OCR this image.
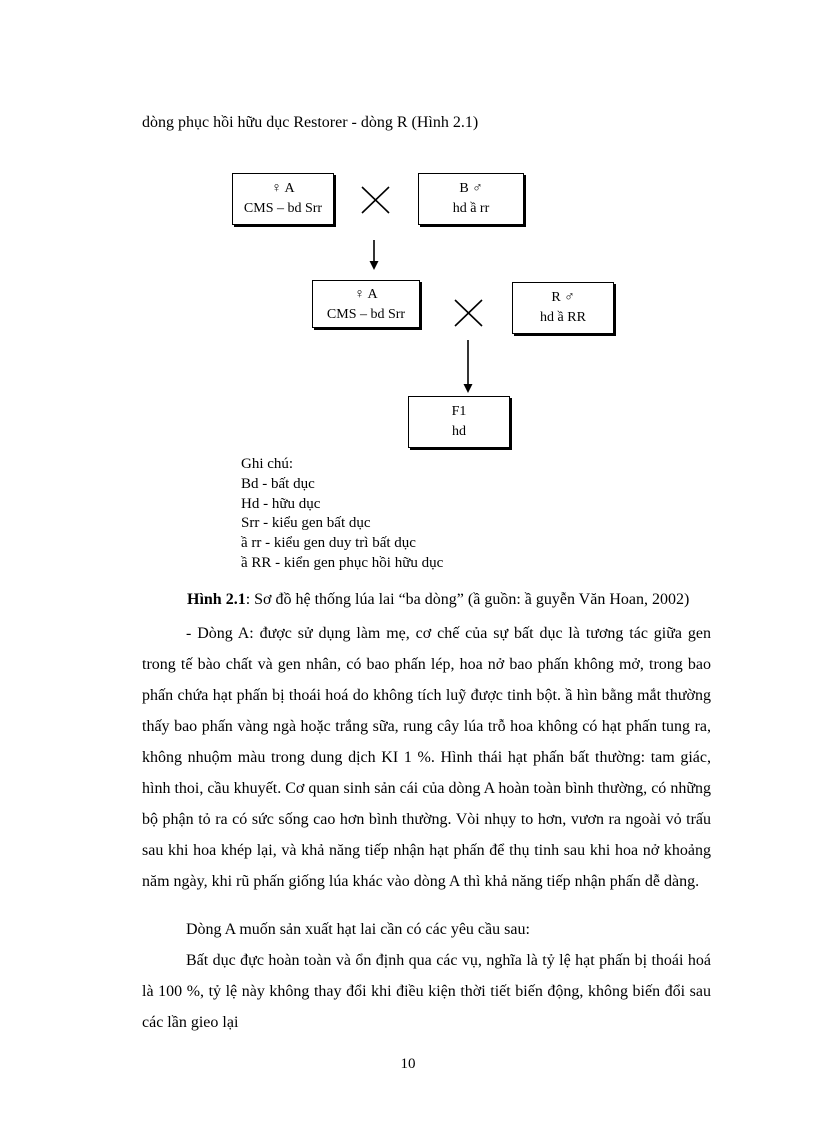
dòng phục hồi hữu dục Restorer - dòng R (Hình 2.1)
♀ A
CMS – bd Srr
B ♂
hd ầ rr
♀ A
CMS – bd Srr
R ♂
hd ầ RR
F1
hd
Ghi chú:
Bd - bất dục
Hd - hữu dục
Srr - kiểu gen bất dục
ầ rr - kiểu gen duy trì bất dục
ầ RR - kiển gen phục hồi hữu dục
Hình 2.1: Sơ đồ hệ thống lúa lai “ba dòng” (ầ guồn: ầ guyễn Văn Hoan, 2002)
- Dòng A: được sử dụng làm mẹ, cơ chế của sự bất dục là tương tác giữa gen trong tế bào chất và gen nhân, có bao phấn lép, hoa nở bao phấn không mở, trong bao phấn chứa hạt phấn bị thoái hoá do không tích luỹ được tinh bột. ầ hìn bằng mắt thường thấy bao phấn vàng ngà hoặc trắng sữa, rung cây lúa trỗ hoa không có hạt phấn tung ra, không nhuộm màu trong dung dịch KI 1 %. Hình thái hạt phấn bất thường: tam giác, hình thoi, cầu khuyết. Cơ quan sinh sản cái của dòng A hoàn toàn bình thường, có những bộ phận tỏ ra có sức sống cao hơn bình thường. Vòi nhụy to hơn, vươn ra ngoài vỏ trấu sau khi hoa khép lại, và khả năng tiếp nhận hạt phấn để thụ tinh sau khi hoa nở khoảng năm ngày, khi rũ phấn giống lúa khác vào dòng A thì khả năng tiếp nhận phấn dễ dàng.
Dòng A muốn sản xuất hạt lai cần có các yêu cầu sau:
Bất dục đực hoàn toàn và ổn định qua các vụ, nghĩa là tỷ lệ hạt phấn bị thoái hoá là 100 %, tỷ lệ này không thay đổi khi điều kiện thời tiết biến động, không biến đổi sau các lần gieo lại
10
